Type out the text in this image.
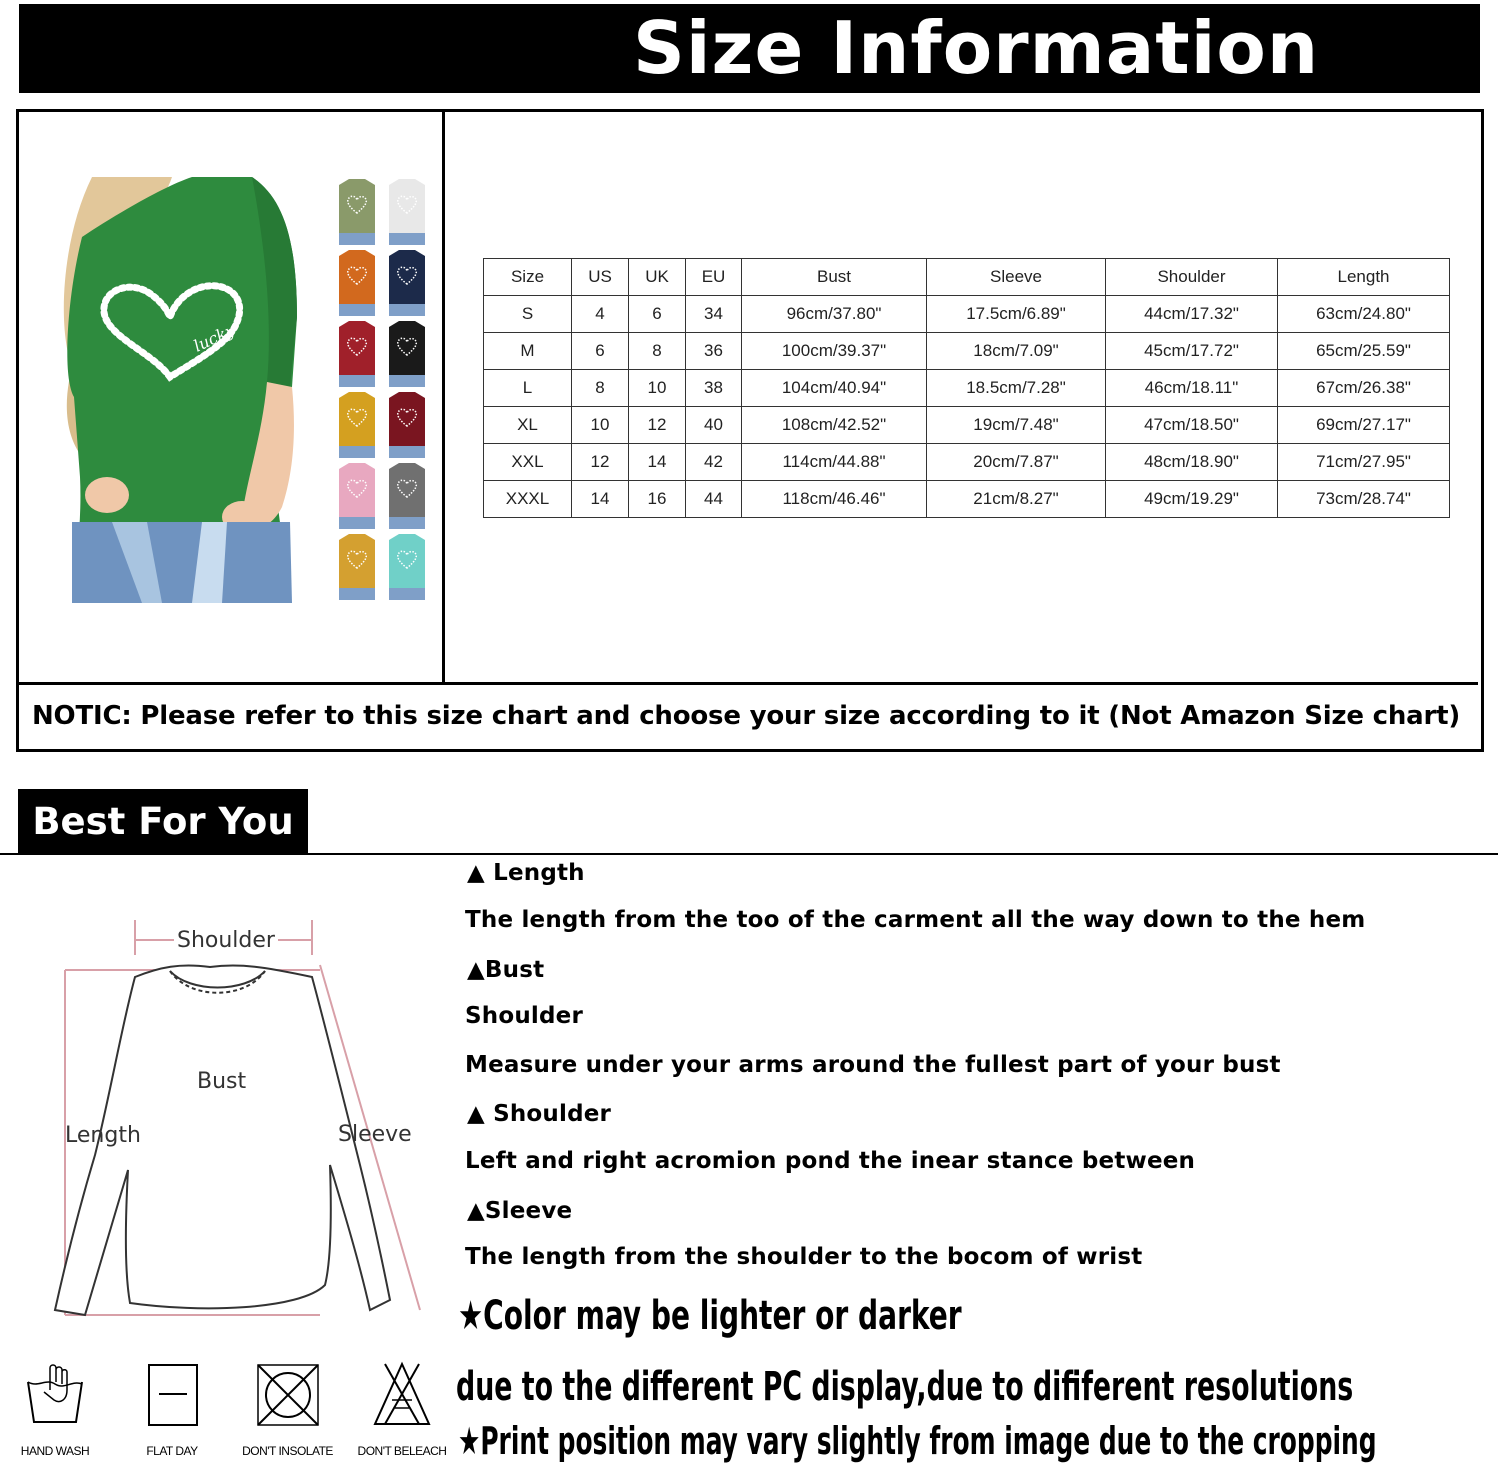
Size Information
lucky
Size	US	UK	EU	Bust	Sleeve	Shoulder	Length
S	4	6	34	96cm/37.80"	17.5cm/6.89"	44cm/17.32"	63cm/24.80"
M	6	8	36	100cm/39.37"	18cm/7.09"	45cm/17.72"	65cm/25.59"
L	8	10	38	104cm/40.94"	18.5cm/7.28"	46cm/18.11"	67cm/26.38"
XL	10	12	40	108cm/42.52"	19cm/7.48"	47cm/18.50"	69cm/27.17"
XXL	12	14	42	114cm/44.88"	20cm/7.87"	48cm/18.90"	71cm/27.95"
XXXL	14	16	44	118cm/46.46"	21cm/8.27"	49cm/19.29"	73cm/28.74"
NOTIC: Please refer to this size chart and choose your size according to it (Not Amazon Size chart)
Best For You
Shoulder
Bust
Length	Sleeve
HAND WASH	FLAT DAY	DON'T INSOLATE	DON'T BELEACH
▲ Length
The length from the too of the carment all the way down to the hem
▲Bust
Shoulder
Measure under your arms around the fullest part of your bust
▲ Shoulder
Left and right acromion pond the inear stance between
▲Sleeve
The length from the shoulder to the bocom of wrist
★Color may be lighter or darker
due to the different PC display,due to dififerent resolutions
★Print position may vary slightly from image due to the cropping
